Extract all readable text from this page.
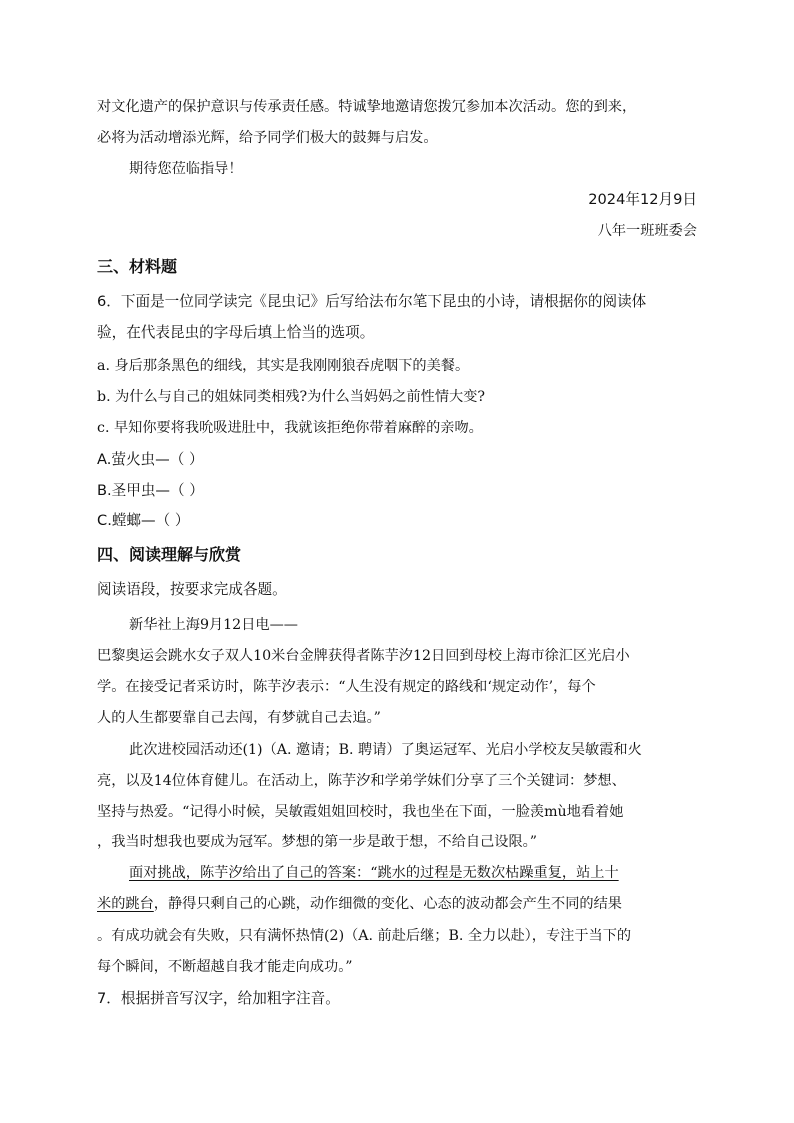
对文化遗产的保护意识与传承责任感。特诚挚地邀请您拨冗参加本次活动。您的到来，
必将为活动增添光辉，给予同学们极大的鼓舞与启发。
期待您莅临指导！
2024年12月9日
八年一班班委会
三、材料题
6．下面是一位同学读完《昆虫记》后写给法布尔笔下昆虫的小诗，请根据你的阅读体
验，在代表昆虫的字母后填上恰当的选项。
a. 身后那条黑色的细线，其实是我刚刚狼吞虎咽下的美餐。
b. 为什么与自己的姐妹同类相残?为什么当妈妈之前性情大变?
c. 早知你要将我吮吸进肚中，我就该拒绝你带着麻醉的亲吻。
A.萤火虫—（ ）
B.圣甲虫—（ ）
C.螳螂—（ ）
四、阅读理解与欣赏
阅读语段，按要求完成各题。
新华社上海9月12日电——
巴黎奥运会跳水女子双人10米台金牌获得者陈芋汐12日回到母校上海市徐汇区光启小
学。在接受记者采访时，陈芋汐表示：“人生没有规定的路线和‘规定动作’，每个
人的人生都要靠自己去闯，有梦就自己去追。”
此次进校园活动还(1)（A. 邀请；B. 聘请）了奥运冠军、光启小学校友吴敏霞和火
亮，以及14位体育健儿。在活动上，陈芋汐和学弟学妹们分享了三个关键词：梦想、
坚持与热爱。“记得小时候，吴敏霞姐姐回校时，我也坐在下面，一脸羡mù地看着她
，我当时想我也要成为冠军。梦想的第一步是敢于想，不给自己设限。”
面对挑战，陈芋汐给出了自己的答案：“跳水的过程是无数次枯躁重复，站上十
米的跳台，静得只剩自己的心跳，动作细微的变化、心态的波动都会产生不同的结果
。有成功就会有失败，只有满怀热情(2)（A. 前赴后继；B. 全力以赴），专注于当下的
每个瞬间，不断超越自我才能走向成功。”
7．根据拼音写汉字，给加粗字注音。
